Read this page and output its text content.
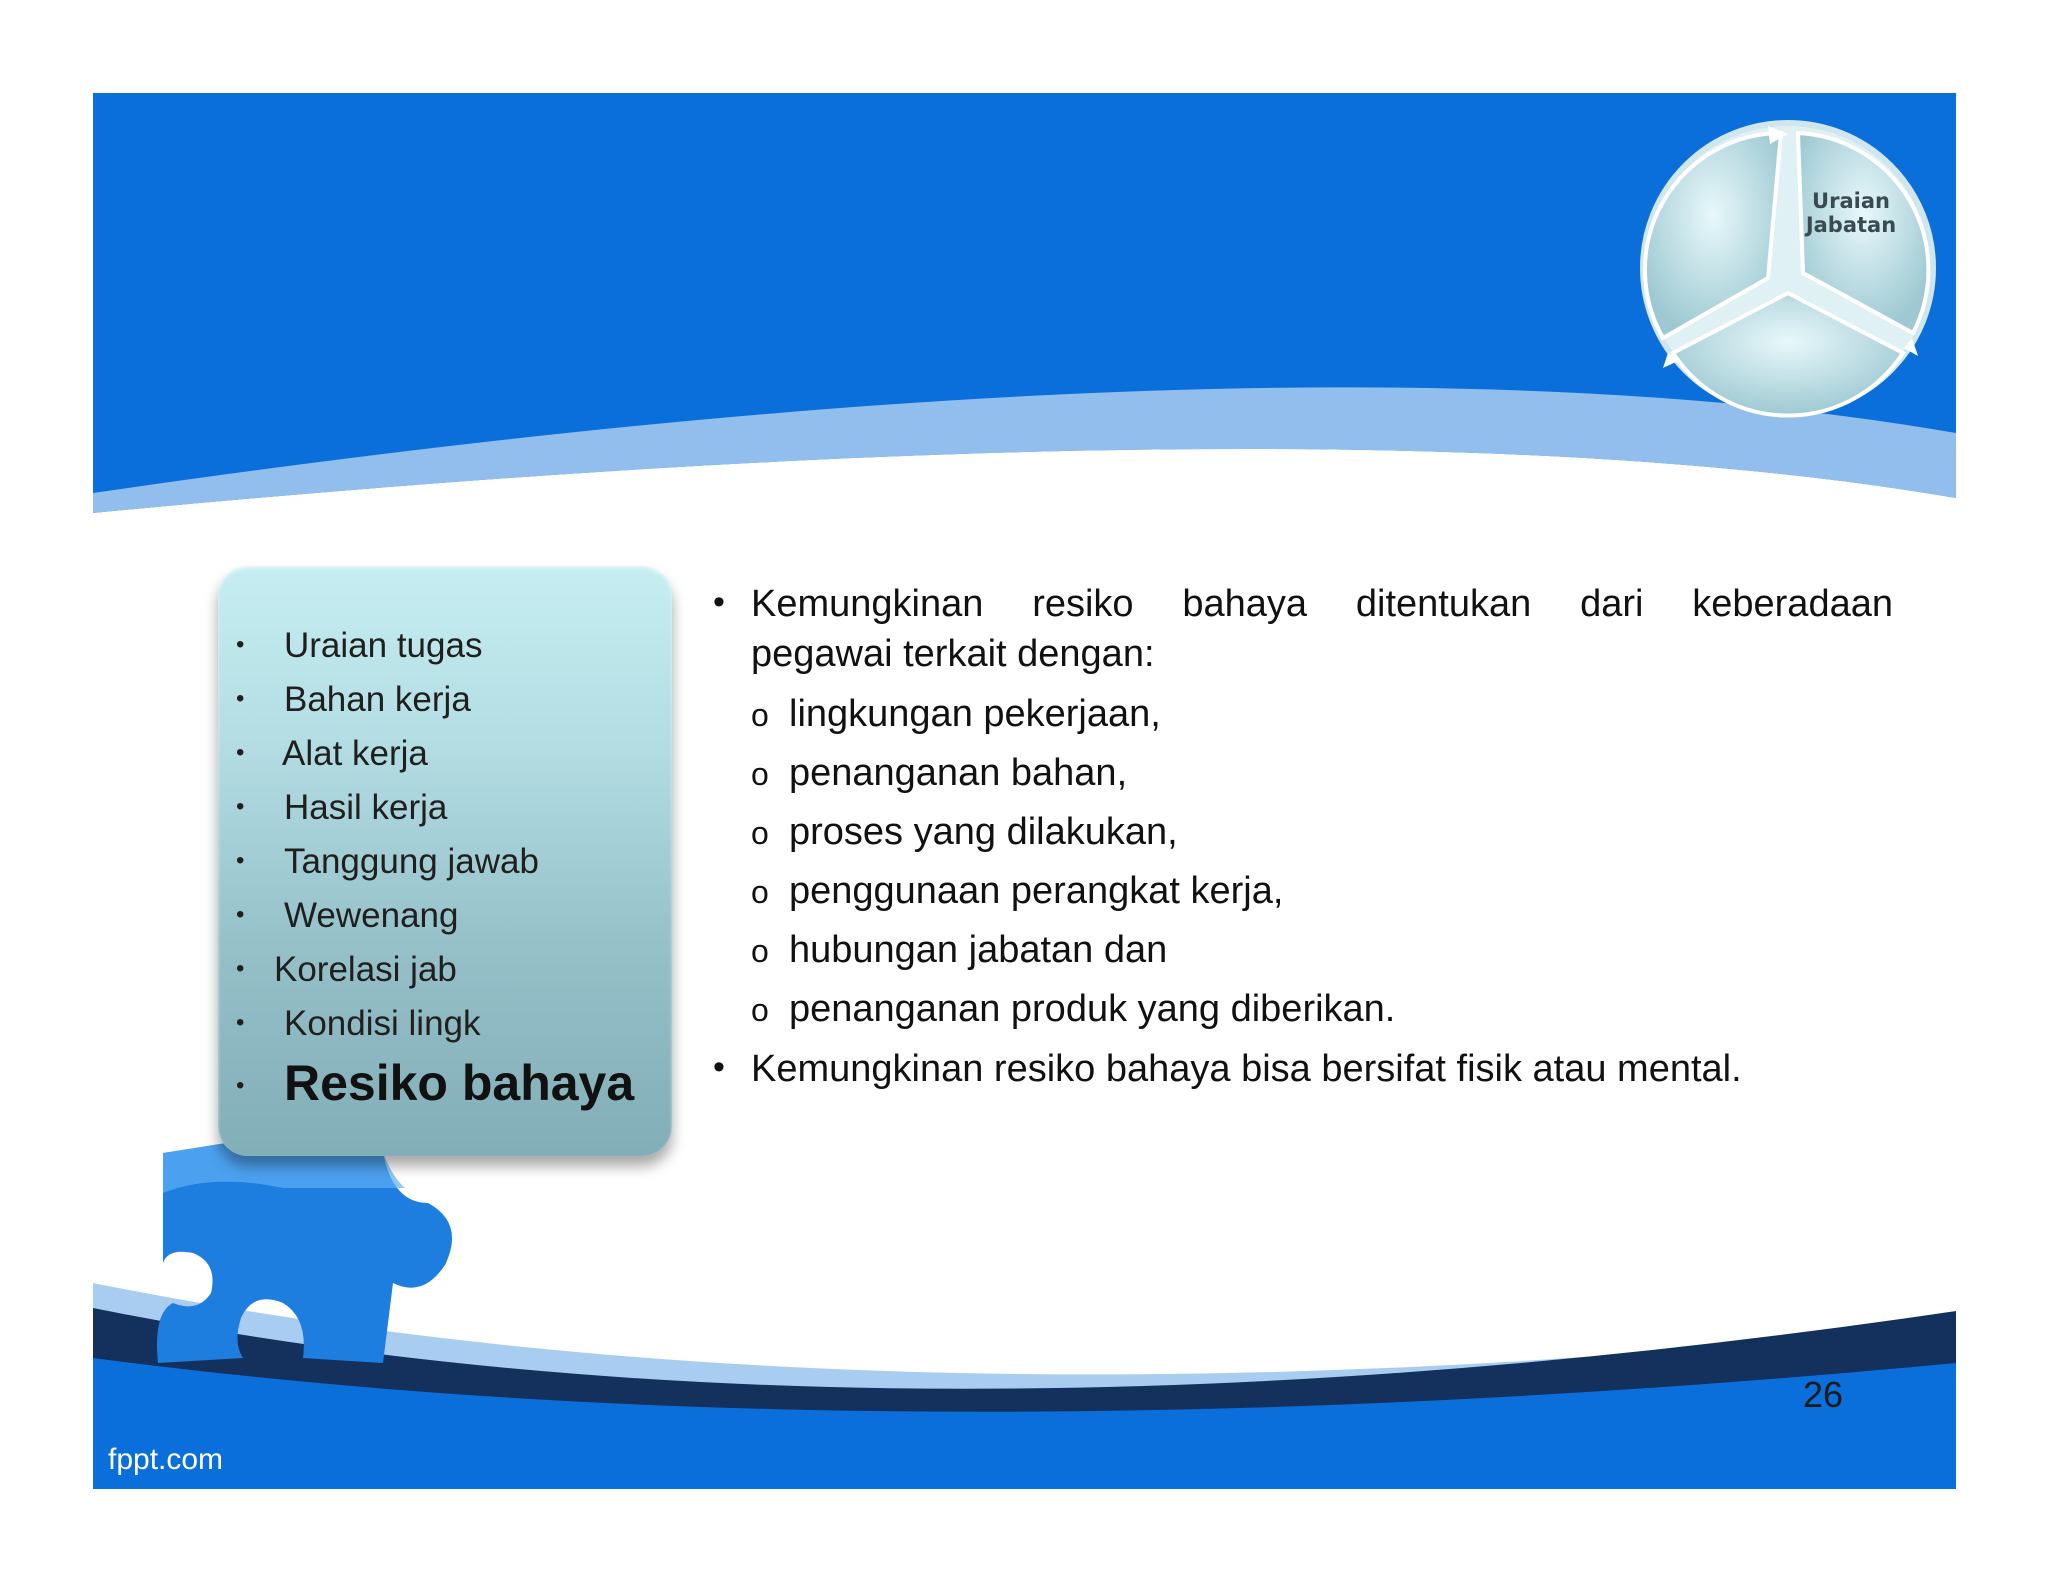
Uraian
Jabatan
• Uraian tugas
• Bahan kerja
• Alat kerja
• Hasil kerja
• Tanggung jawab
• Wewenang
• Korelasi jab
• Kondisi lingk
• Resiko bahaya
• Kemungkinan resiko bahaya ditentukan dari keberadaan
pegawai terkait dengan:
o lingkungan pekerjaan,
o penanganan bahan,
o proses yang dilakukan,
o penggunaan perangkat kerja,
o hubungan jabatan dan
o penanganan produk yang diberikan.
• Kemungkinan resiko bahaya bisa bersifat fisik atau mental.
26
fppt.com
